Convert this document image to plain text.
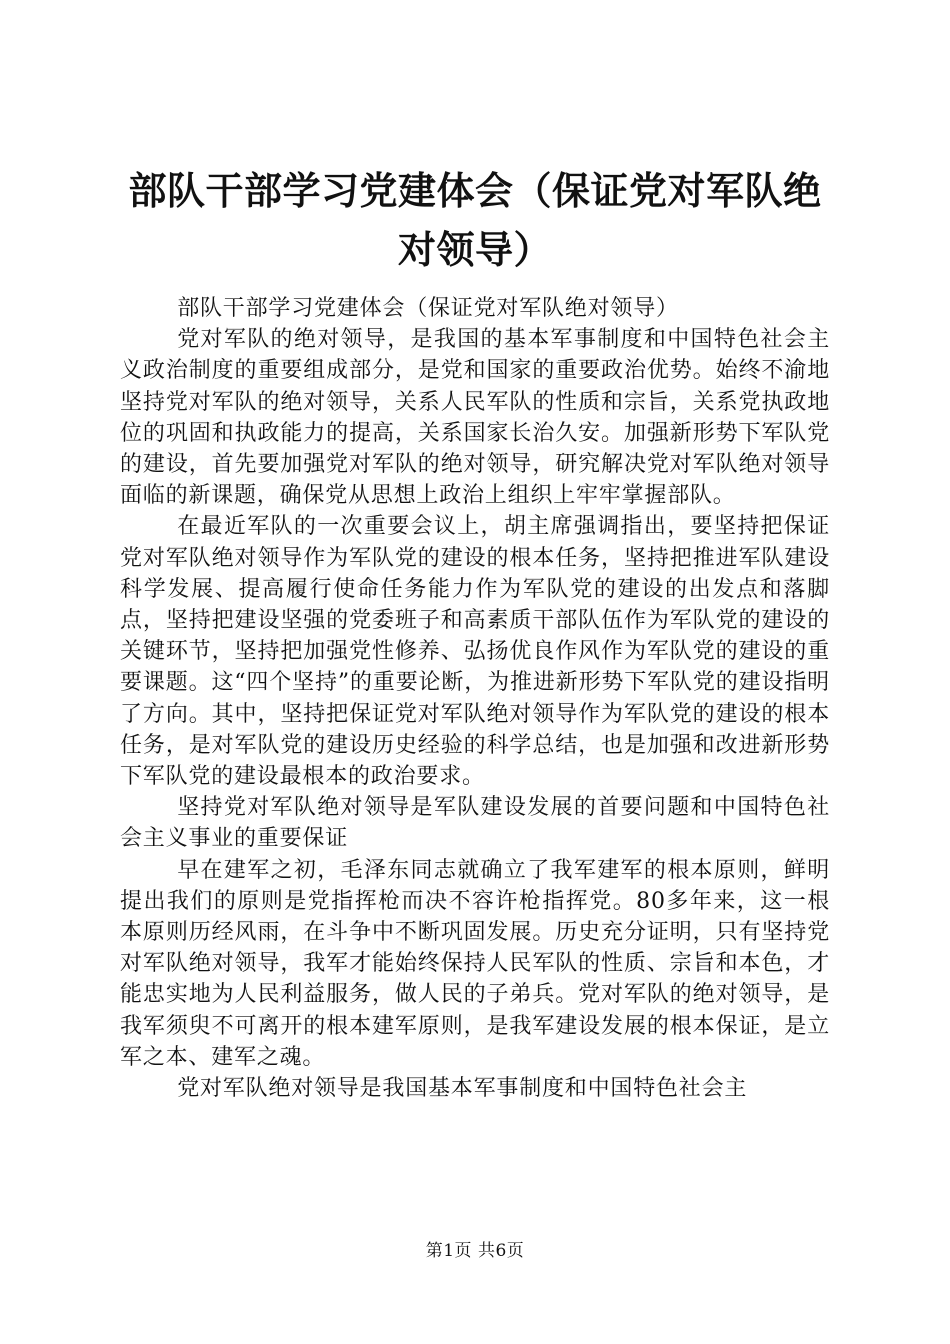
部队干部学习党建体会（保证党对军队绝对领导）

部队干部学习党建体会（保证党对军队绝对领导）

党对军队的绝对领导，是我国的基本军事制度和中国特色社会主义政治制度的重要组成部分，是党和国家的重要政治优势。始终不渝地坚持党对军队的绝对领导，关系人民军队的性质和宗旨，关系党执政地位的巩固和执政能力的提高，关系国家长治久安。加强新形势下军队党的建设，首先要加强党对军队的绝对领导，研究解决党对军队绝对领导面临的新课题，确保党从思想上政治上组织上牢牢掌握部队。

在最近军队的一次重要会议上，胡主席强调指出，要坚持把保证党对军队绝对领导作为军队党的建设的根本任务，坚持把推进军队建设科学发展、提高履行使命任务能力作为军队党的建设的出发点和落脚点，坚持把建设坚强的党委班子和高素质干部队伍作为军队党的建设的关键环节，坚持把加强党性修养、弘扬优良作风作为军队党的建设的重要课题。这“四个坚持”的重要论断，为推进新形势下军队党的建设指明了方向。其中，坚持把保证党对军队绝对领导作为军队党的建设的根本任务，是对军队党的建设历史经验的科学总结，也是加强和改进新形势下军队党的建设最根本的政治要求。

坚持党对军队绝对领导是军队建设发展的首要问题和中国特色社会主义事业的重要保证

早在建军之初，毛泽东同志就确立了我军建军的根本原则，鲜明提出我们的原则是党指挥枪而决不容许枪指挥党。80多年来，这一根本原则历经风雨，在斗争中不断巩固发展。历史充分证明，只有坚持党对军队绝对领导，我军才能始终保持人民军队的性质、宗旨和本色，才能忠实地为人民利益服务，做人民的子弟兵。党对军队的绝对领导，是我军须臾不可离开的根本建军原则，是我军建设发展的根本保证，是立军之本、建军之魂。

党对军队绝对领导是我国基本军事制度和中国特色社会主

第1页 共6页
